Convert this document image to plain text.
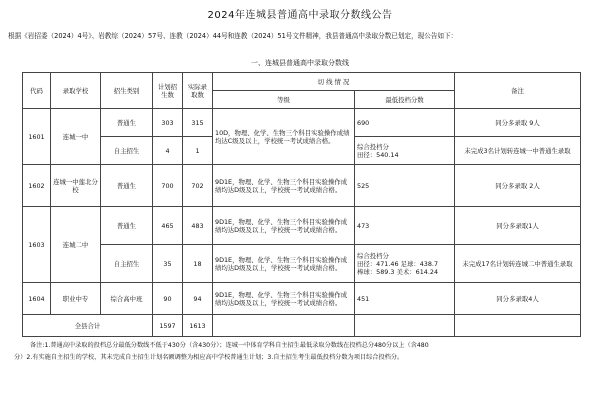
2024年连城县普通高中录取分数线公告
根据《岩招委（2024）4号》、岩教综（2024）57号、连教（2024）44号和连教（2024）51号文件精神，我县普通高中录取分数已划定，现公告如下：
一、连城县普通高中录取分数线
代码	录取学校	招生类别	计划招生数	实际录取数	切 线 情 况		备注
					等级	最低投档分数	
1601	连城一中	普通生	303	315	10D，物理、化学、生物三个科目实验操作成绩均达C级及以上，学校统一考试成绩合格。	690	同分多录取 9人
		自主招生	4	1		综合投档分
田径：540.14	未完成3名计划转连城一中普通生录取
1602	连城一中莲北分校	普通生	700	702	9D1E，物理、化学、生物三个科目实验操作成绩均达D级及以上，学校统一考试成绩合格。	525	同分多录取 2人
1603	连城二中	普通生	465	483	9D1E，物理、化学、生物三个科目实验操作成绩均达D级及以上，学校统一考试成绩合格。	473	同分多录取1人
		自主招生	35	18	9D1E，物理、化学、生物三个科目实验操作成绩均达D级及以上，学校统一考试成绩合格。	综合投档分
田径：471.46 足球：438.7
棒球：589.3 美术：614.24	未完成17名计划转连城二中普通生录取
1604	职业中专	综合高中班	90	94	9D1E，物理、化学、生物三个科目实验操作成绩均达D级及以上，学校统一考试成绩合格。	451	同分多录取4人
全县合计			1597	1613			
备注:1.普通高中录取的投档总分最低分数线不低于430分（含430分）；连城一中体育学科自主招生最低录取分数线在投档总分480分以上（含480
分）2.有实施自主招生的学校，其未完成自主招生计划名额调整为相应高中学校普通生计划；3.自主招生考生最低投档分数为项目综合投档分。
